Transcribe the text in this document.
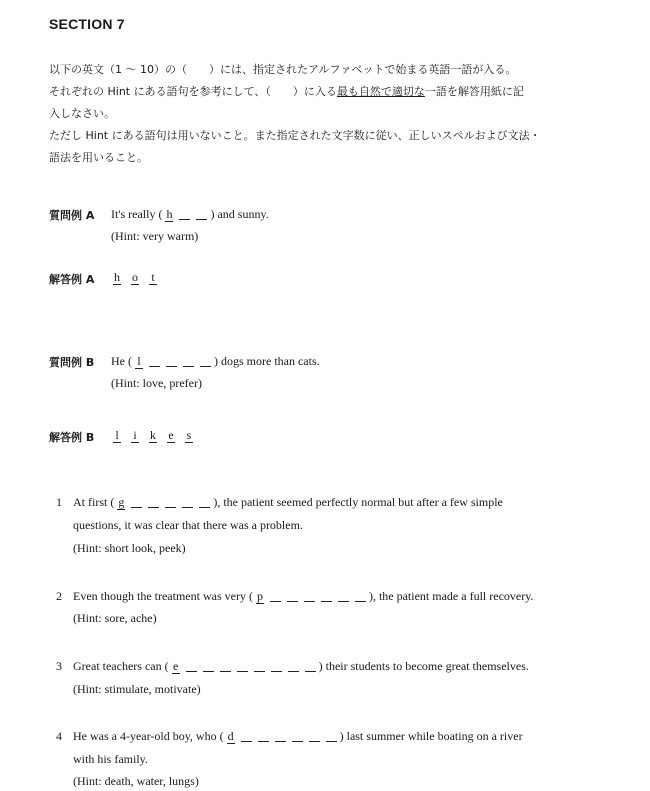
SECTION 7
以下の英文（1 ～ 10）の（　　）には、指定されたアルファベットで始まる英語一語が入る。
それぞれの Hint にある語句を参考にして、（　　）に入る最も自然で適切な一語を解答用紙に記
入しなさい。
ただし Hint にある語句は用いないこと。また指定された文字数に従い、正しいスペルおよび文法・
語法を用いること。
質問例 A It's really ( h	) and sunny.
(Hint: very warm)
解答例 A h o t
質問例 B He ( l	) dogs more than cats.
(Hint: love, prefer)
解答例 B l i k e s
1 At first ( g	), the patient seemed perfectly normal but after a few simple
questions, it was clear that there was a problem.
(Hint: short look, peek)
2 Even though the treatment was very ( p	), the patient made a full recovery.
(Hint: sore, ache)
3 Great teachers can ( e	) their students to become great themselves.
(Hint: stimulate, motivate)
4 He was a 4-year-old boy, who ( d	) last summer while boating on a river
with his family.
(Hint: death, water, lungs)
